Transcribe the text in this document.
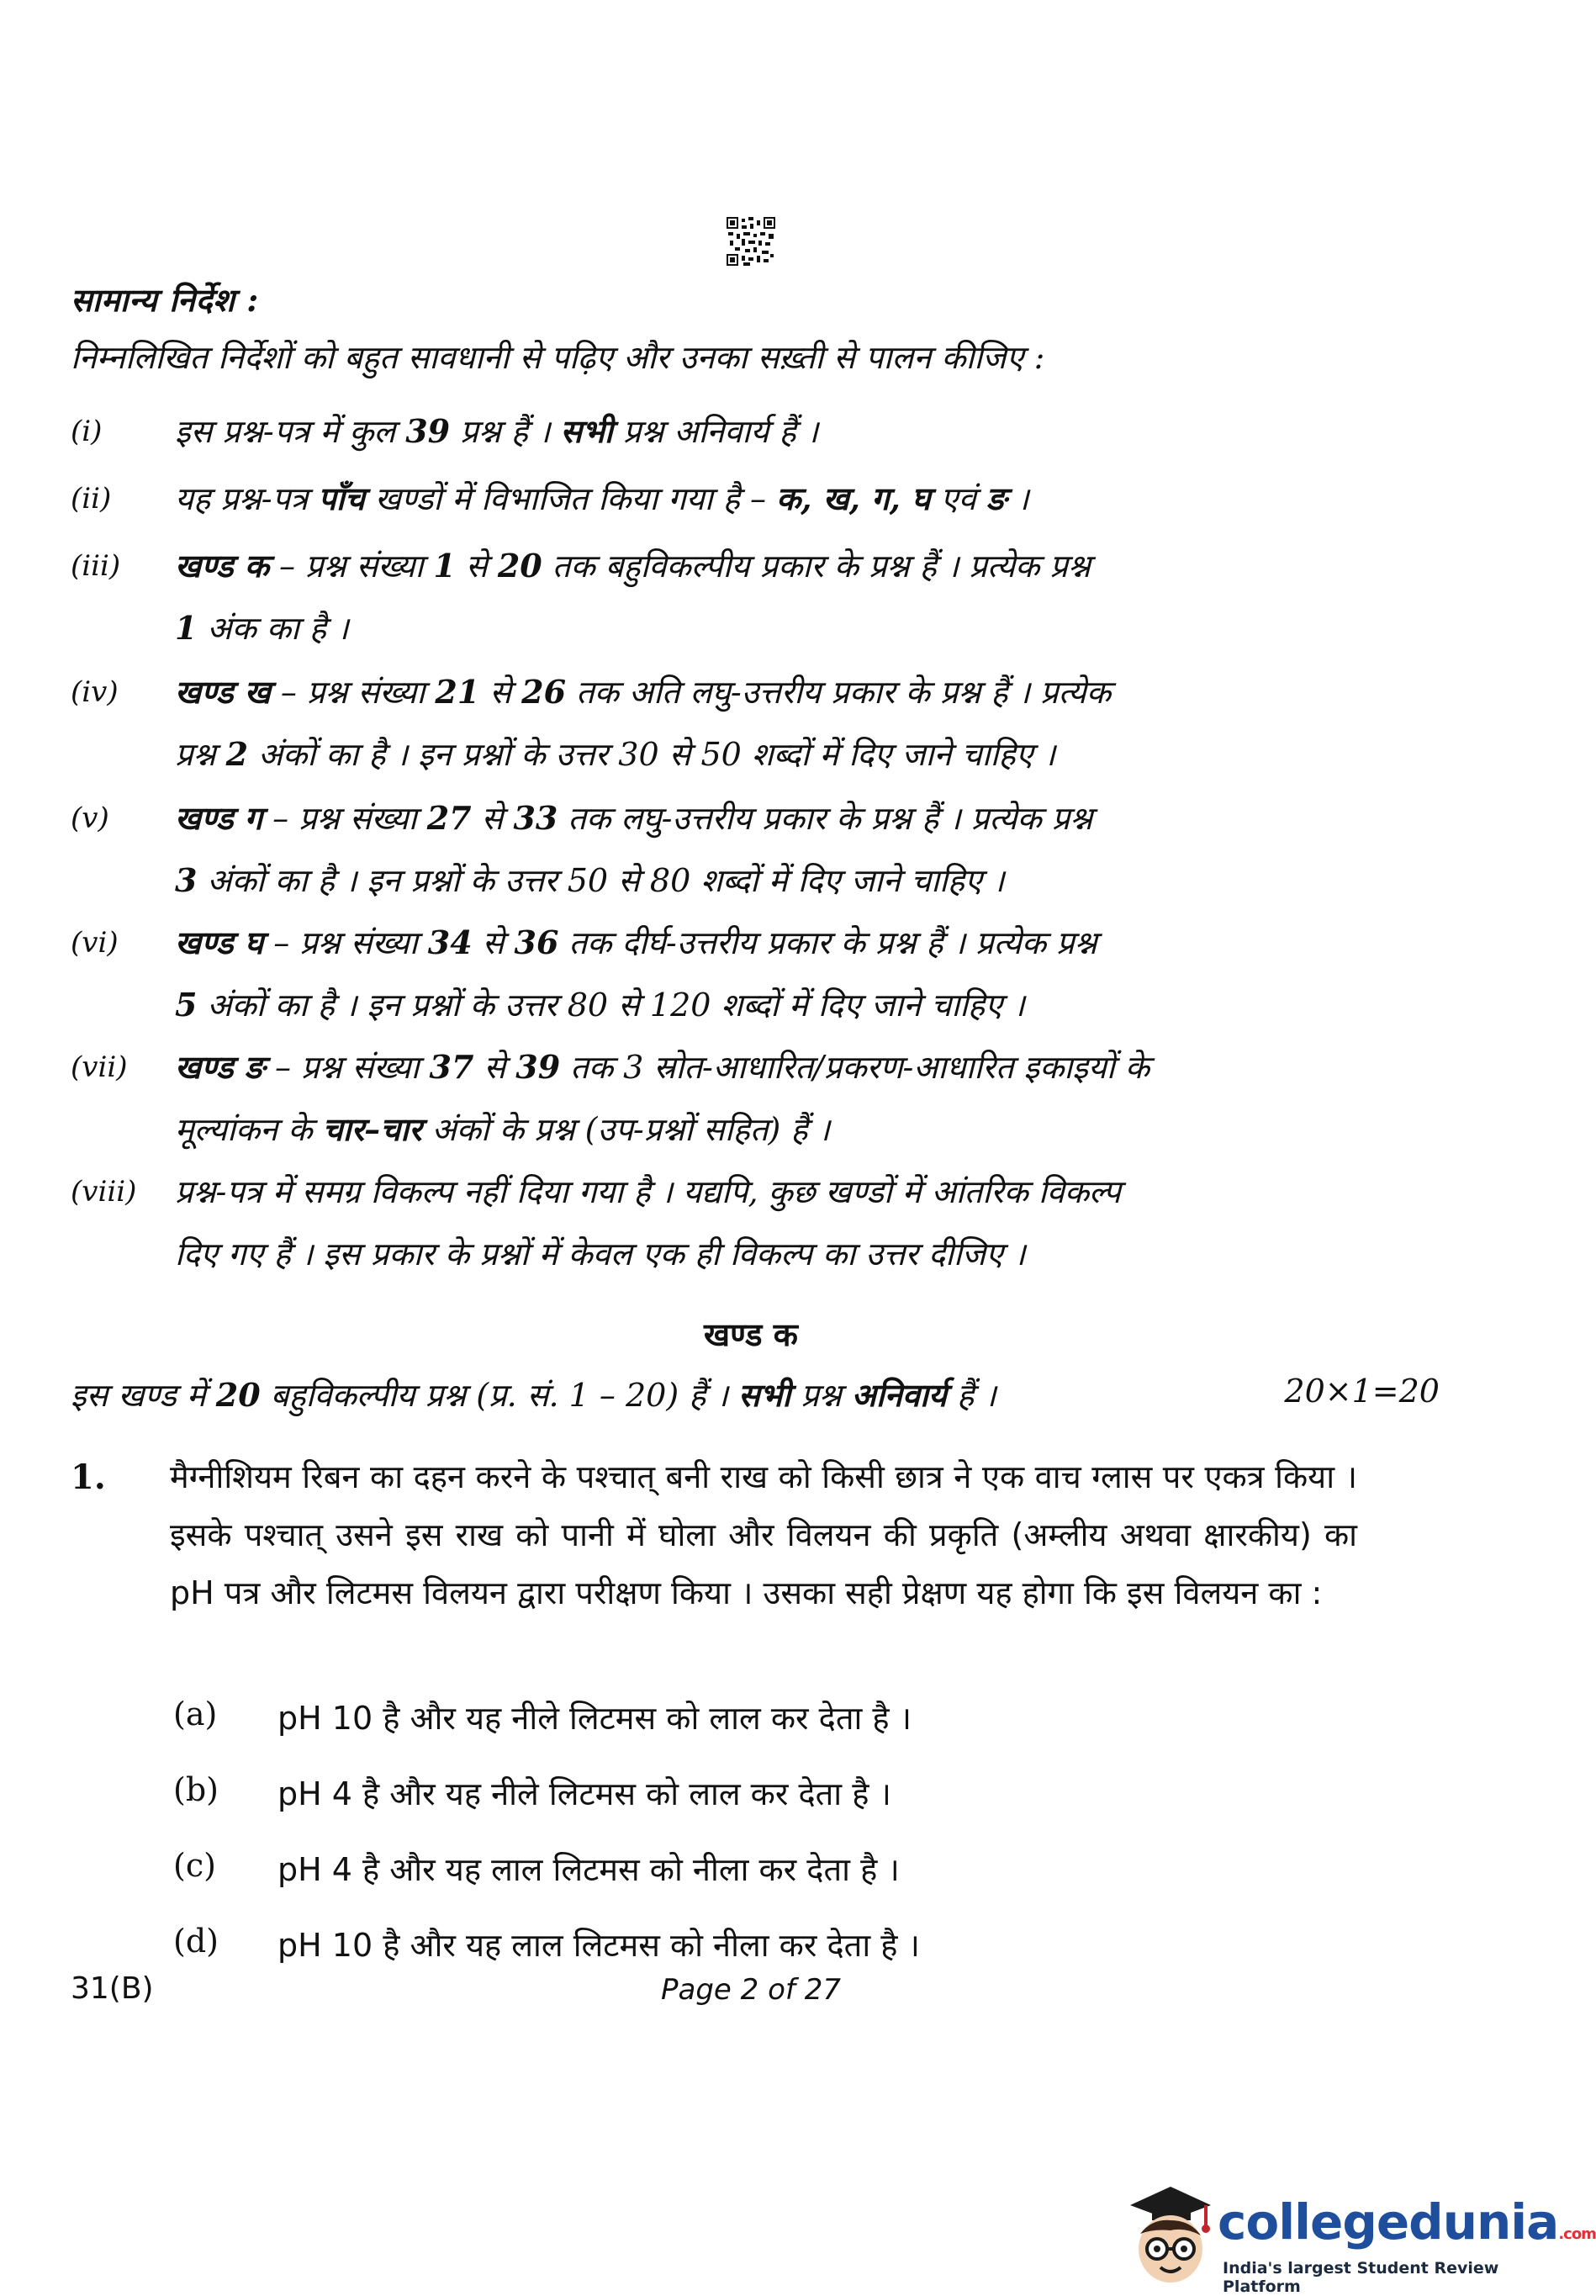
सामान्य निर्देश :
निम्नलिखित निर्देशों को बहुत सावधानी से पढ़िए और उनका सख़्ती से पालन कीजिए :
(i) इस प्रश्न-पत्र में कुल 39 प्रश्न हैं । सभी प्रश्न अनिवार्य हैं ।
(ii) यह प्रश्न-पत्र पाँच खण्डों में विभाजित किया गया है – क, ख, ग, घ एवं ङ ।
(iii) खण्ड क – प्रश्न संख्या 1 से 20 तक बहुविकल्पीय प्रकार के प्रश्न हैं । प्रत्येक प्रश्न
1 अंक का है ।
(iv) खण्ड ख – प्रश्न संख्या 21 से 26 तक अति लघु-उत्तरीय प्रकार के प्रश्न हैं । प्रत्येक
प्रश्न 2 अंकों का है । इन प्रश्नों के उत्तर 30 से 50 शब्दों में दिए जाने चाहिए ।
(v) खण्ड ग – प्रश्न संख्या 27 से 33 तक लघु-उत्तरीय प्रकार के प्रश्न हैं । प्रत्येक प्रश्न
3 अंकों का है । इन प्रश्नों के उत्तर 50 से 80 शब्दों में दिए जाने चाहिए ।
(vi) खण्ड घ – प्रश्न संख्या 34 से 36 तक दीर्घ-उत्तरीय प्रकार के प्रश्न हैं । प्रत्येक प्रश्न
5 अंकों का है । इन प्रश्नों के उत्तर 80 से 120 शब्दों में दिए जाने चाहिए ।
(vii) खण्ड ङ – प्रश्न संख्या 37 से 39 तक 3 स्रोत-आधारित/प्रकरण-आधारित इकाइयों के
मूल्यांकन के चार–चार अंकों के प्रश्न (उप-प्रश्नों सहित) हैं ।
(viii) प्रश्न-पत्र में समग्र विकल्प नहीं दिया गया है । यद्यपि, कुछ खण्डों में आंतरिक विकल्प
दिए गए हैं । इस प्रकार के प्रश्नों में केवल एक ही विकल्प का उत्तर दीजिए ।
खण्ड क
इस खण्ड में 20 बहुविकल्पीय प्रश्न (प्र. सं. 1 – 20) हैं । सभी प्रश्न अनिवार्य हैं ।	20×1=20
1. मैग्नीशियम रिबन का दहन करने के पश्चात् बनी राख को किसी छात्र ने एक वाच ग्लास पर एकत्र किया । इसके पश्चात् उसने इस राख को पानी में घोला और विलयन की प्रकृति (अम्लीय अथवा क्षारकीय) का pH पत्र और लिटमस विलयन द्वारा परीक्षण किया । उसका सही प्रेक्षण यह होगा कि इस विलयन का :
(a) pH 10 है और यह नीले लिटमस को लाल कर देता है ।
(b) pH 4 है और यह नीले लिटमस को लाल कर देता है ।
(c) pH 4 है और यह लाल लिटमस को नीला कर देता है ।
(d) pH 10 है और यह लाल लिटमस को नीला कर देता है ।
31(B)	Page 2 of 27
collegedunia.com
India's largest Student Review Platform
